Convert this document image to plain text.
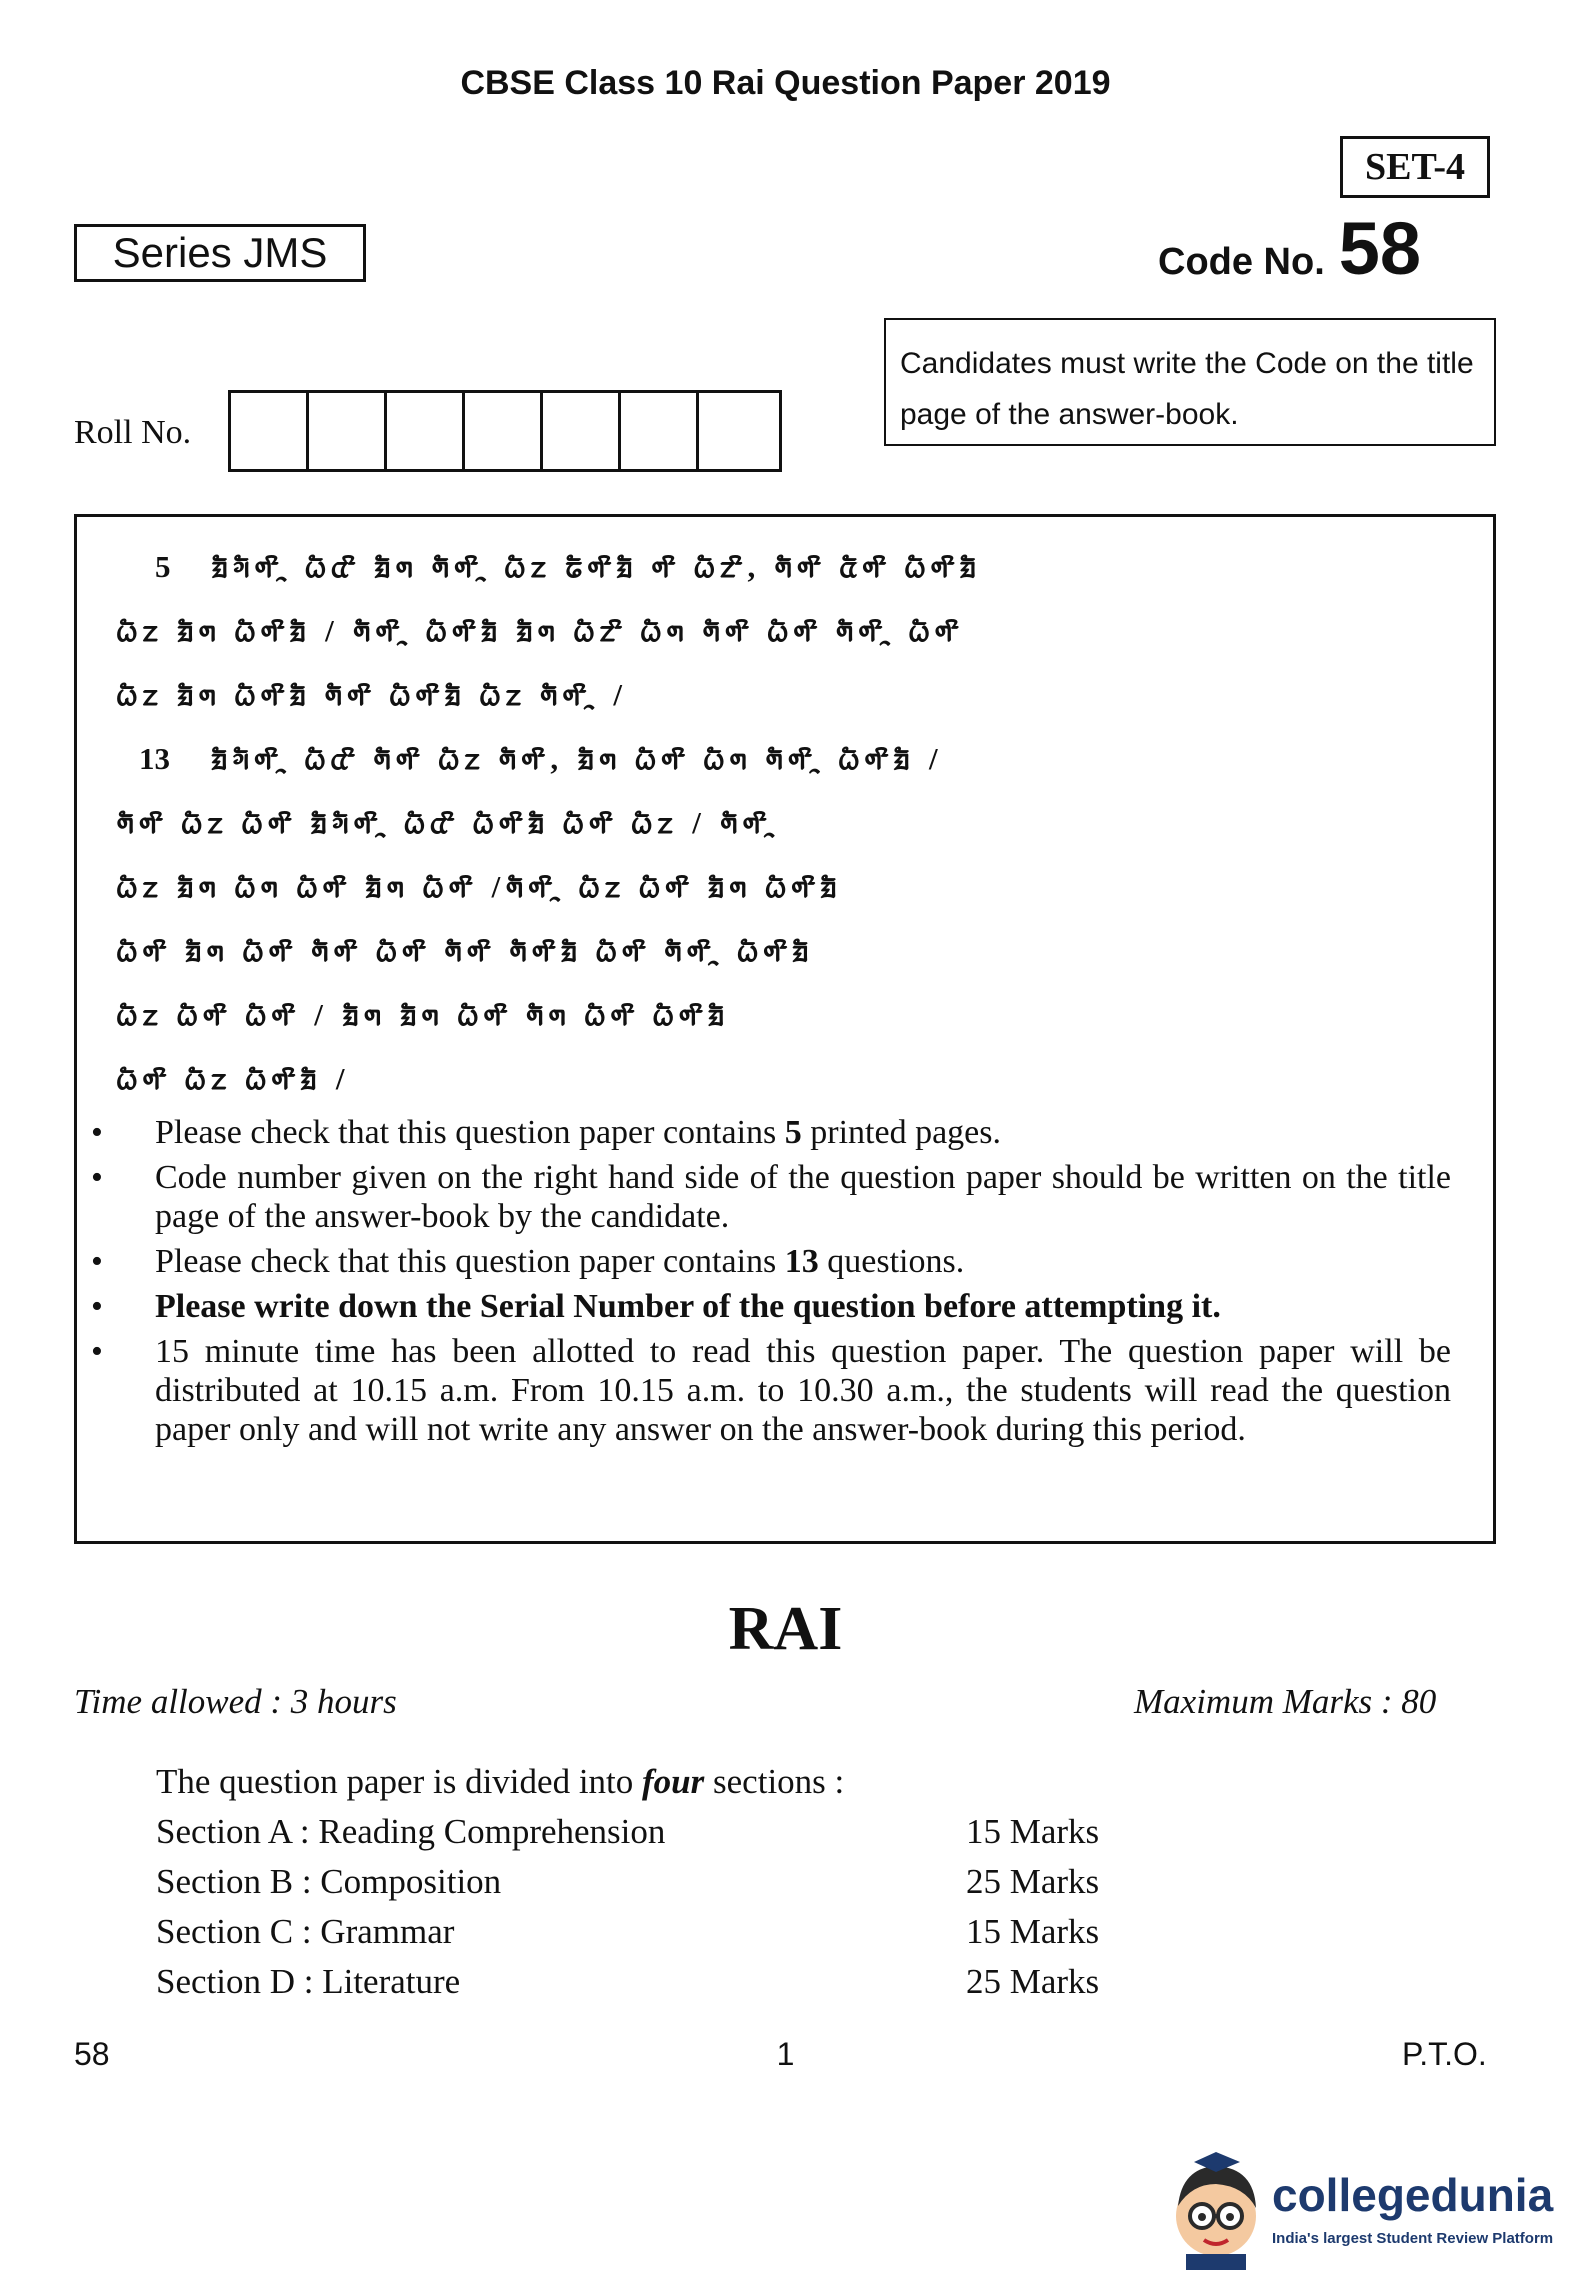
CBSE Class 10 Rai Question Paper 2019
SET-4
Series JMS	Code No. 58
Candidates must write the Code on the title page of the answer-book.
Roll No.
5 ᤀᤠᤆᤠᤛᤡᤳ ᤐᤠᤂᤡ ᤀᤠᤛ ᤛᤠᤛᤡᤳ ᤐᤠᤁ ᤒᤠᤛᤡᤀᤠ ᤛᤡ ᤐᤠᤁᤡ, ᤛᤠᤛᤡ ᤂᤠᤛᤡ ᤐᤠᤛᤡᤀᤠ
ᤐᤠᤁ ᤀᤠᤛ ᤐᤠᤛᤡᤀᤠ / ᤛᤠᤛᤡᤳ ᤐᤠᤛᤡᤀᤠ ᤀᤠᤛ ᤐᤠᤁᤡ ᤐᤠᤛ ᤛᤠᤛᤡ ᤐᤠᤛᤡ ᤛᤠᤛᤡᤳ ᤐᤠᤛᤡ
ᤐᤠᤁ ᤀᤠᤛ ᤐᤠᤛᤡᤀᤠ ᤛᤠᤛᤡ ᤐᤠᤛᤡᤀᤠ ᤐᤠᤁ ᤛᤠᤛᤡᤳ /
13 ᤀᤠᤆᤠᤛᤡᤳ ᤐᤠᤂᤡ ᤛᤠᤛᤡ ᤐᤠᤁ ᤛᤠᤛᤡ, ᤀᤠᤛ ᤐᤠᤛᤡ ᤐᤠᤛ ᤛᤠᤛᤡᤳ ᤐᤠᤛᤡᤀᤠ /
ᤛᤠᤛᤡ ᤐᤠᤁ ᤐᤠᤛᤡ ᤀᤠᤆᤠᤛᤡᤳ ᤐᤠᤂᤡ ᤐᤠᤛᤡᤀᤠ ᤐᤠᤛᤡ ᤐᤠᤁ / ᤛᤠᤛᤡᤳ
ᤐᤠᤁ ᤀᤠᤛ ᤐᤠᤛ ᤐᤠᤛᤡ ᤀᤠᤛ ᤐᤠᤛᤡ /ᤛᤠᤛᤡᤳ ᤐᤠᤁ ᤐᤠᤛᤡ ᤀᤠᤛ ᤐᤠᤛᤡᤀᤠ
ᤐᤠᤛᤡ ᤀᤠᤛ ᤐᤠᤛᤡ ᤛᤠᤛᤡ ᤐᤠᤛᤡ ᤛᤠᤛᤡ ᤛᤠᤛᤡᤀᤠ ᤐᤠᤛᤡ ᤛᤠᤛᤡᤳ ᤐᤠᤛᤡᤀᤠ
ᤐᤠᤁ ᤐᤠᤛᤡ ᤐᤠᤛᤡ / ᤀᤠᤛ ᤀᤠᤛ ᤐᤠᤛᤡ ᤛᤠᤛ ᤐᤠᤛᤡ ᤐᤠᤛᤡᤀᤠ
ᤐᤠᤛᤡ ᤐᤠᤁ ᤐᤠᤛᤡᤀᤠ /
• Please check that this question paper contains 5 printed pages.
• Code number given on the right hand side of the question paper should be written on the title page of the answer-book by the candidate.
• Please check that this question paper contains 13 questions.
• Please write down the Serial Number of the question before attempting it.
• 15 minute time has been allotted to read this question paper. The question paper will be distributed at 10.15 a.m. From 10.15 a.m. to 10.30 a.m., the students will read the question paper only and will not write any answer on the answer-book during this period.
RAI
Time allowed : 3 hours	Maximum Marks : 80
The question paper is divided into four sections :
Section A : Reading Comprehension	15 Marks
Section B : Composition	25 Marks
Section C : Grammar	15 Marks
Section D : Literature	25 Marks
58	1	P.T.O.
collegedunia
India's largest Student Review Platform
